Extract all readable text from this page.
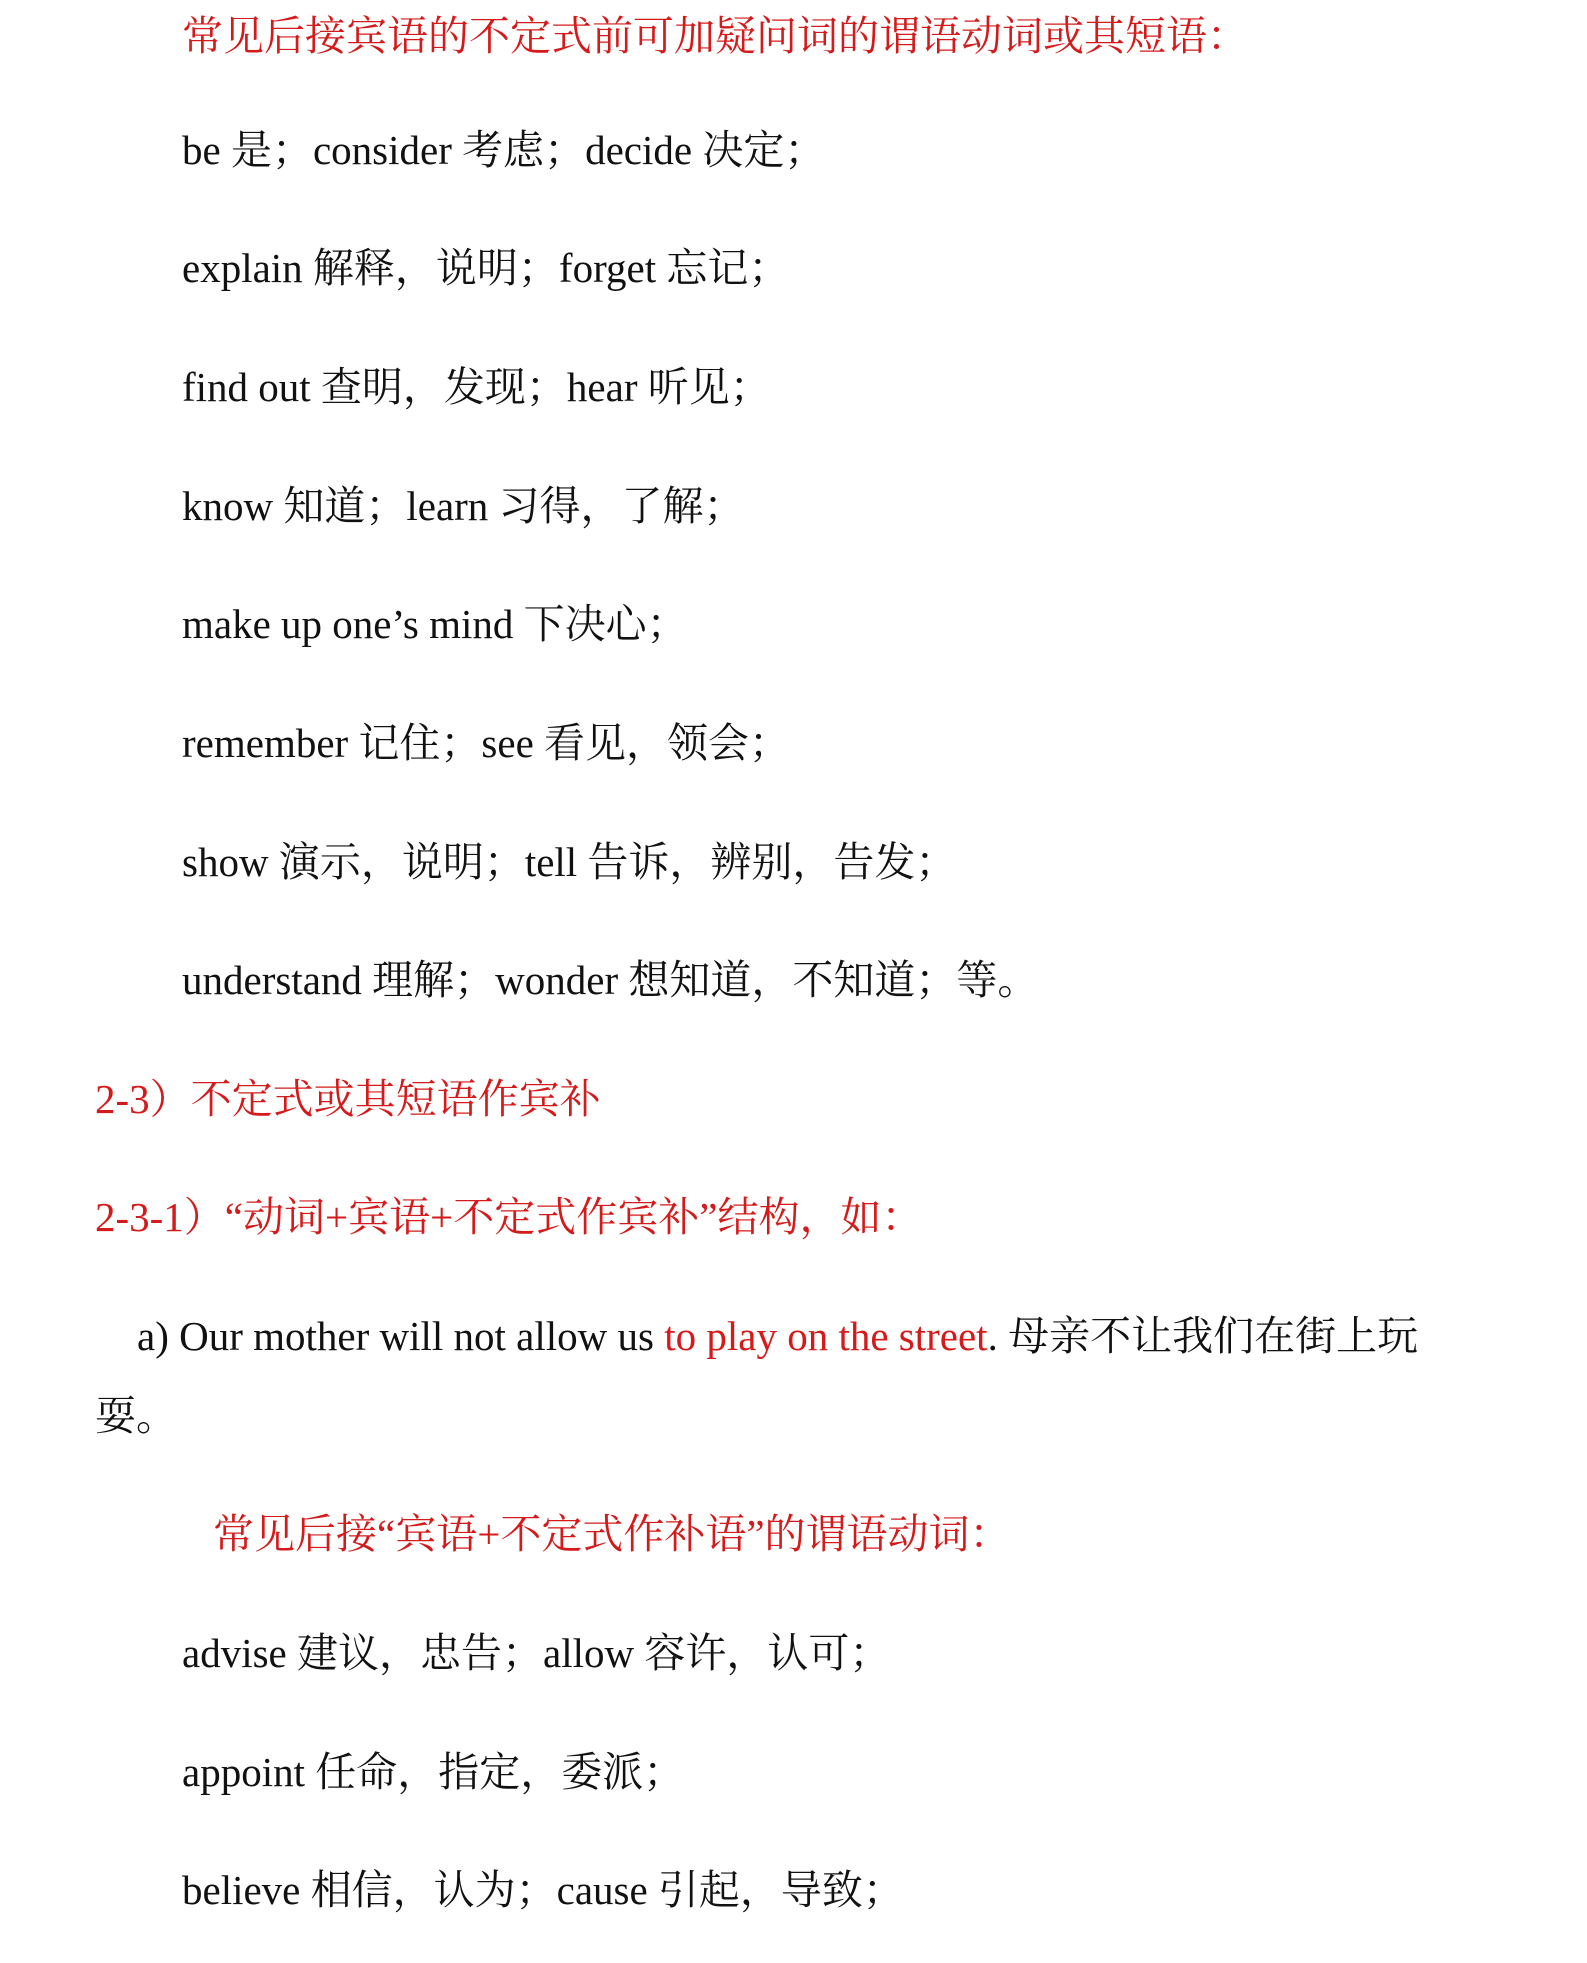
常见后接宾语的不定式前可加疑问词的谓语动词或其短语：
be 是；consider 考虑；decide 决定；
explain 解释，说明；forget 忘记；
find out 查明，发现；hear 听见；
know 知道；learn 习得，了解；
make up one’s mind 下决心；
remember 记住；see 看见，领会；
show 演示，说明；tell 告诉，辨别，告发；
understand 理解；wonder 想知道，不知道；等。
2-3）不定式或其短语作宾补
2-3-1）“动词+宾语+不定式作宾补”结构，如：
a) Our mother will not allow us to play on the street. 母亲不让我们在街上玩
耍。
常见后接“宾语+不定式作补语”的谓语动词：
advise 建议，忠告；allow 容许，认可；
appoint 任命，指定，委派；
believe 相信，认为；cause 引起，导致；
